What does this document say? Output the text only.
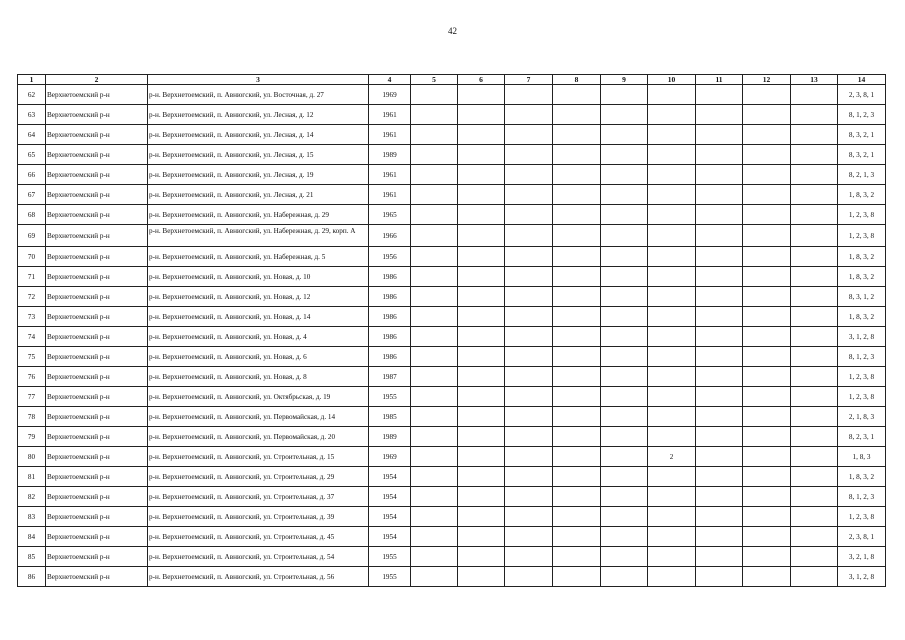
42
1	2	3	4	5	6	7	8	9	10	11	12	13	14
62	Верхнетоемский р-н	р-н. Верхнетоемский, п. Авнюгский, ул. Восточная, д. 27	1969										2, 3, 8, 1
63	Верхнетоемский р-н	р-н. Верхнетоемский, п. Авнюгский, ул. Лесная, д. 12	1961										8, 1, 2, 3
64	Верхнетоемский р-н	р-н. Верхнетоемский, п. Авнюгский, ул. Лесная, д. 14	1961										8, 3, 2, 1
65	Верхнетоемский р-н	р-н. Верхнетоемский, п. Авнюгский, ул. Лесная, д. 15	1989										8, 3, 2, 1
66	Верхнетоемский р-н	р-н. Верхнетоемский, п. Авнюгский, ул. Лесная, д. 19	1961										8, 2, 1, 3
67	Верхнетоемский р-н	р-н. Верхнетоемский, п. Авнюгский, ул. Лесная, д. 21	1961										1, 8, 3, 2
68	Верхнетоемский р-н	р-н. Верхнетоемский, п. Авнюгский, ул. Набережная, д. 29	1965										1, 2, 3, 8
69	Верхнетоемский р-н	р-н. Верхнетоемский, п. Авнюгский, ул. Набережная, д. 29, корп. А	1966										1, 2, 3, 8
70	Верхнетоемский р-н	р-н. Верхнетоемский, п. Авнюгский, ул. Набережная, д. 5	1956										1, 8, 3, 2
71	Верхнетоемский р-н	р-н. Верхнетоемский, п. Авнюгский, ул. Новая, д. 10	1986										1, 8, 3, 2
72	Верхнетоемский р-н	р-н. Верхнетоемский, п. Авнюгский, ул. Новая, д. 12	1986										8, 3, 1, 2
73	Верхнетоемский р-н	р-н. Верхнетоемский, п. Авнюгский, ул. Новая, д. 14	1986										1, 8, 3, 2
74	Верхнетоемский р-н	р-н. Верхнетоемский, п. Авнюгский, ул. Новая, д. 4	1986										3, 1, 2, 8
75	Верхнетоемский р-н	р-н. Верхнетоемский, п. Авнюгский, ул. Новая, д. 6	1986										8, 1, 2, 3
76	Верхнетоемский р-н	р-н. Верхнетоемский, п. Авнюгский, ул. Новая, д. 8	1987										1, 2, 3, 8
77	Верхнетоемский р-н	р-н. Верхнетоемский, п. Авнюгский, ул. Октябрьская, д. 19	1955										1, 2, 3, 8
78	Верхнетоемский р-н	р-н. Верхнетоемский, п. Авнюгский, ул. Первомайская, д. 14	1985										2, 1, 8, 3
79	Верхнетоемский р-н	р-н. Верхнетоемский, п. Авнюгский, ул. Первомайская, д. 20	1989										8, 2, 3, 1
80	Верхнетоемский р-н	р-н. Верхнетоемский, п. Авнюгский, ул. Строительная, д. 15	1969						2				1, 8, 3
81	Верхнетоемский р-н	р-н. Верхнетоемский, п. Авнюгский, ул. Строительная, д. 29	1954										1, 8, 3, 2
82	Верхнетоемский р-н	р-н. Верхнетоемский, п. Авнюгский, ул. Строительная, д. 37	1954										8, 1, 2, 3
83	Верхнетоемский р-н	р-н. Верхнетоемский, п. Авнюгский, ул. Строительная, д. 39	1954										1, 2, 3, 8
84	Верхнетоемский р-н	р-н. Верхнетоемский, п. Авнюгский, ул. Строительная, д. 45	1954										2, 3, 8, 1
85	Верхнетоемский р-н	р-н. Верхнетоемский, п. Авнюгский, ул. Строительная, д. 54	1955										3, 2, 1, 8
86	Верхнетоемский р-н	р-н. Верхнетоемский, п. Авнюгский, ул. Строительная, д. 56	1955										3, 1, 2, 8
